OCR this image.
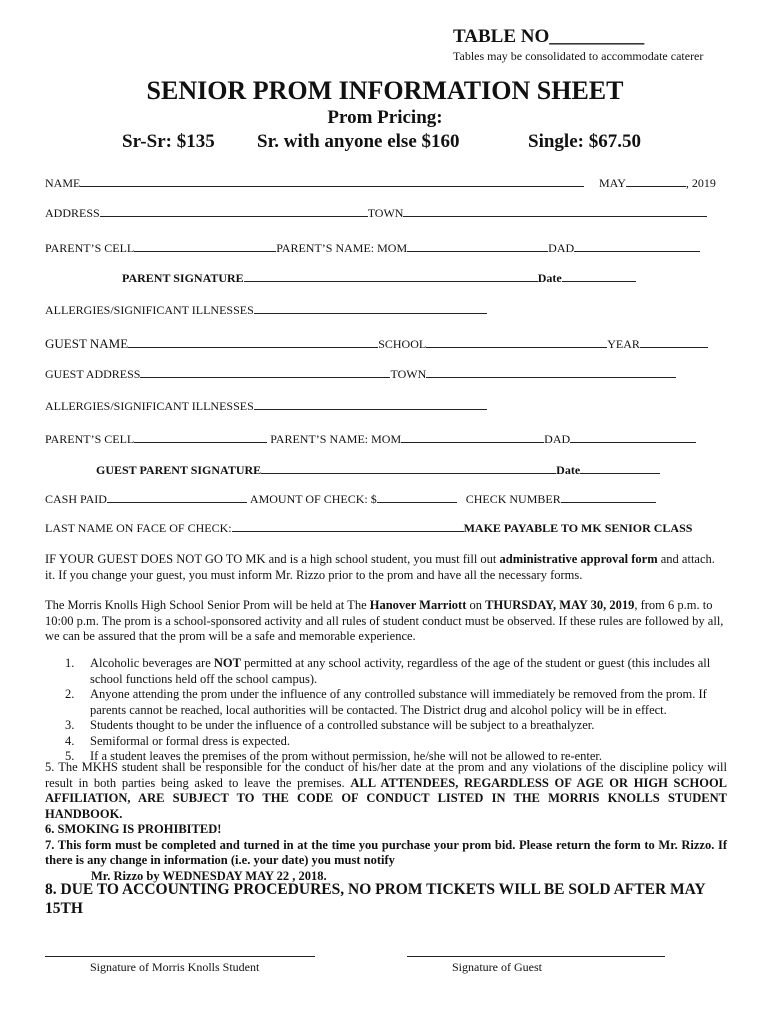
TABLE NO__________
Tables may be consolidated to accommodate caterer
SENIOR PROM INFORMATION SHEET
Prom Pricing:
Sr-Sr: $135 Sr. with anyone else $160	Single: $67.50
NAME	MAY	, 2019
ADDRESS	TOWN
PARENT’S CELL	PARENT’S NAME: MOM	DAD
PARENT SIGNATURE	Date
ALLERGIES/SIGNIFICANT ILLNESSES
GUEST NAME	SCHOOL	YEAR
GUEST ADDRESS	TOWN
ALLERGIES/SIGNIFICANT ILLNESSES
PARENT’S CELL	PARENT’S NAME: MOM	DAD
GUEST PARENT SIGNATURE	Date
CASH PAID	AMOUNT OF CHECK: $	CHECK NUMBER
LAST NAME ON FACE OF CHECK:	MAKE PAYABLE TO MK SENIOR CLASS
IF YOUR GUEST DOES NOT GO TO MK and is a high school student, you must fill out administrative approval form and attach. it. If you change your guest, you must inform Mr. Rizzo prior to the prom and have all the necessary forms.
The Morris Knolls High School Senior Prom will be held at The Hanover Marriott on THURSDAY, MAY 30, 2019, from 6 p.m. to 10:00 p.m. The prom is a school-sponsored activity and all rules of student conduct must be observed. If these rules are followed by all, we can be assured that the prom will be a safe and memorable experience.
1.	Alcoholic beverages are NOT permitted at any school activity, regardless of the age of the student or guest (this includes all school functions held off the school campus).
2.	Anyone attending the prom under the influence of any controlled substance will immediately be removed from the prom. If parents cannot be reached, local authorities will be contacted. The District drug and alcohol policy will be in effect.
3.	Students thought to be under the influence of a controlled substance will be subject to a breathalyzer.
4.	Semiformal or formal dress is expected.
5.	If a student leaves the premises of the prom without permission, he/she will not be allowed to re-enter.
5. The MKHS student shall be responsible for the conduct of his/her date at the prom and any violations of the discipline policy will result in both parties being asked to leave the premises. ALL ATTENDEES, REGARDLESS OF AGE OR HIGH SCHOOL AFFILIATION, ARE SUBJECT TO THE CODE OF CONDUCT LISTED IN THE MORRIS KNOLLS STUDENT HANDBOOK.
6. SMOKING IS PROHIBITED!
7. This form must be completed and turned in at the time you purchase your prom bid. Please return the form to Mr. Rizzo. If there is any change in information (i.e. your date) you must notify
Mr. Rizzo by WEDNESDAY MAY 22 , 2018.
8. DUE TO ACCOUNTING PROCEDURES, NO PROM TICKETS WILL BE SOLD AFTER MAY 15TH
Signature of Morris Knolls Student	Signature of Guest
